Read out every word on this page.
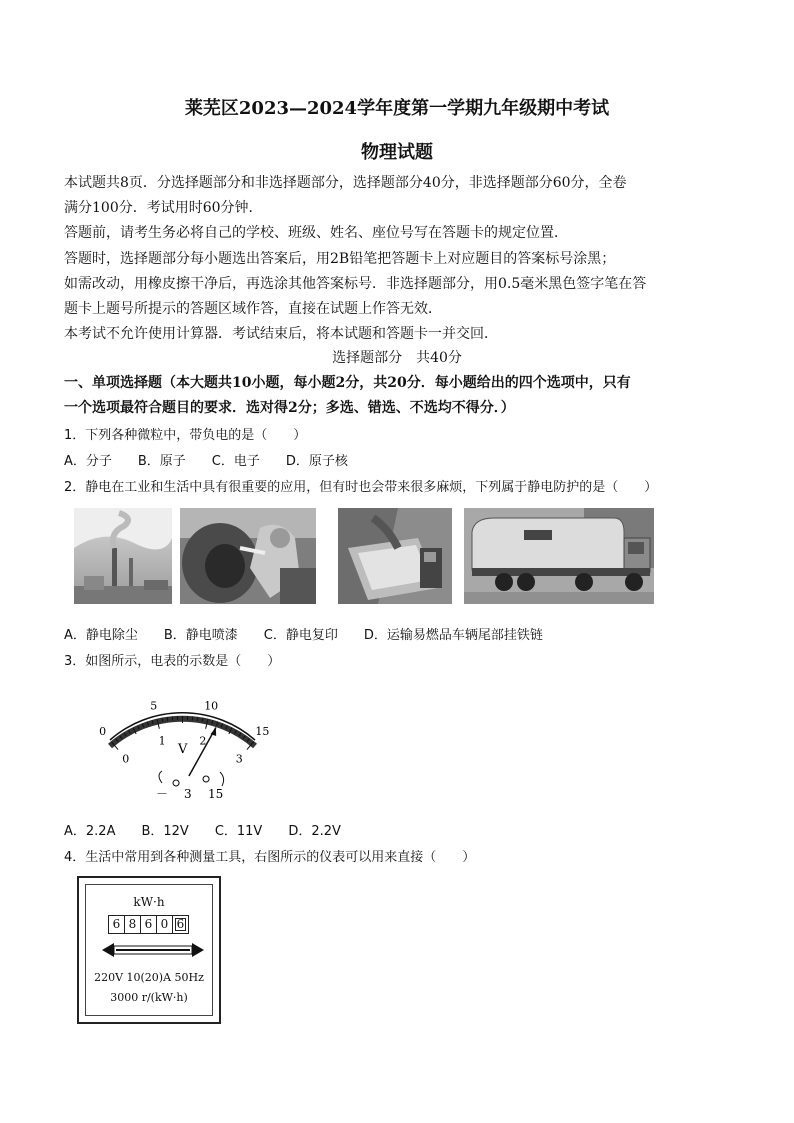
莱芜区2023—2024学年度第一学期九年级期中考试
物理试题
本试题共8页．分选择题部分和非选择题部分，选择题部分40分，非选择题部分60分，全卷
满分100分．考试用时60分钟．
答题前，请考生务必将自己的学校、班级、姓名、座位号写在答题卡的规定位置．
答题时，选择题部分每小题选出答案后，用2B铅笔把答题卡上对应题目的答案标号涂黑；
如需改动，用橡皮擦干净后，再选涂其他答案标号．非选择题部分，用0.5毫米黑色签字笔在答
题卡上题号所提示的答题区域作答，直接在试题上作答无效．
本考试不允许使用计算器．考试结束后，将本试题和答题卡一并交回．
选择题部分　共40分
一、单项选择题（本大题共10小题，每小题2分，共20分．每小题给出的四个选项中，只有
一个选项最符合题目的要求．选对得2分；多选、错选、不选均不得分．）
1．下列各种微粒中，带负电的是（　　）
A．分子　　B．原子　　C．电子　　D．原子核
2．静电在工业和生活中具有很重要的应用，但有时也会带来很多麻烦，下列属于静电防护的是（　　）
A．静电除尘　　B．静电喷漆　　C．静电复印　　D．运输易燃品车辆尾部挂铁链
3．如图所示，电表的示数是（　　）
0
5	10
15
0
1	2
3
V
－ 3 15
A．2.2A　　B．12V　　C．11V　　D．2.2V
4．生活中常用到各种测量工具，右图所示的仪表可以用来直接（　　）
kW·h
6 8 6 0 6
220V 10(20)A 50Hz
3000 r/(kW·h)
